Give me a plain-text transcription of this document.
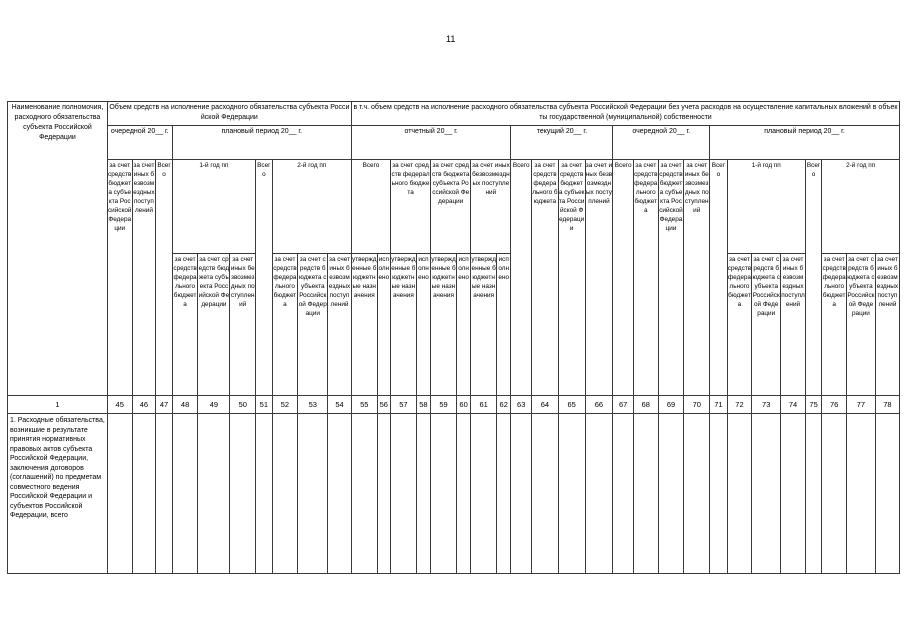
11
Наименование полномочия, расходного обязательства субъекта Российской Федерации	Объем средств на исполнение расходного обязательства субъекта Российской Федерации										в т.ч. объем средств на исполнение расходного обязательства субъекта Российской Федерации без учета расходов на осуществление капитальных вложений в объекты государственной (муниципальной) собственности																							
	очередной 20__ г.			плановый период 20__ г.							отчетный 20__ г.								текущий 20__ г.				очередной 20__ г.				плановый период 20__ г.							
	за счет средств бюджета субъекта Российской Федерации	за счет иных безвозмездных поступлений	Всего	1-й год пп			Всего	2-й год пп			Всего		за счет средств федерального бюджета		за счет средств бюджета субъекта Российской Федерации		за счет иных безвозмездных поступлений		Всего	за счет средств федерального бюджета	за счет средств бюджета субъекта Российской Федерации	за счет иных безвозмездных поступлений	Всего	за счет средств федерального бюджета	за счет средств бюджета субъекта Российской Федерации	за счет иных безвозмездных поступлений	Всего	1-й год пп			Всего	2-й год пп		
				за счет средств федерального бюджета	за счет средств бюджета субъекта Российской Федерации	за счет иных безвозмездных поступлений		за счет средств федерального бюджета	за счет средств бюджета субъекта Российской Федерации	за счет иных безвозмездных поступлений	утвержденные бюджетные назначения	исполнено	утвержденные бюджетные назначения	исполнено	утвержденные бюджетные назначения	исполнено	утвержденные бюджетные назначения	исполнено										за счет средств федерального бюджета	за счет средств бюджета субъекта Российской Федерации	за счет иных безвозмездных поступлений		за счет средств федерального бюджета	за счет средств бюджета субъекта Российской Федерации	за счет иных безвозмездных поступлений
1	45	46	47	48	49	50	51	52	53	54	55	56	57	58	59	60	61	62	63	64	65	66	67	68	69	70	71	72	73	74	75	76	77	78
1. Расходные обязательства, возникшие в результате принятия нормативных правовых актов субъекта Российской Федерации, заключения договоров (соглашений) по предметам совместного ведения Российской Федерации и субъектов Российской Федерации, всего																																		
